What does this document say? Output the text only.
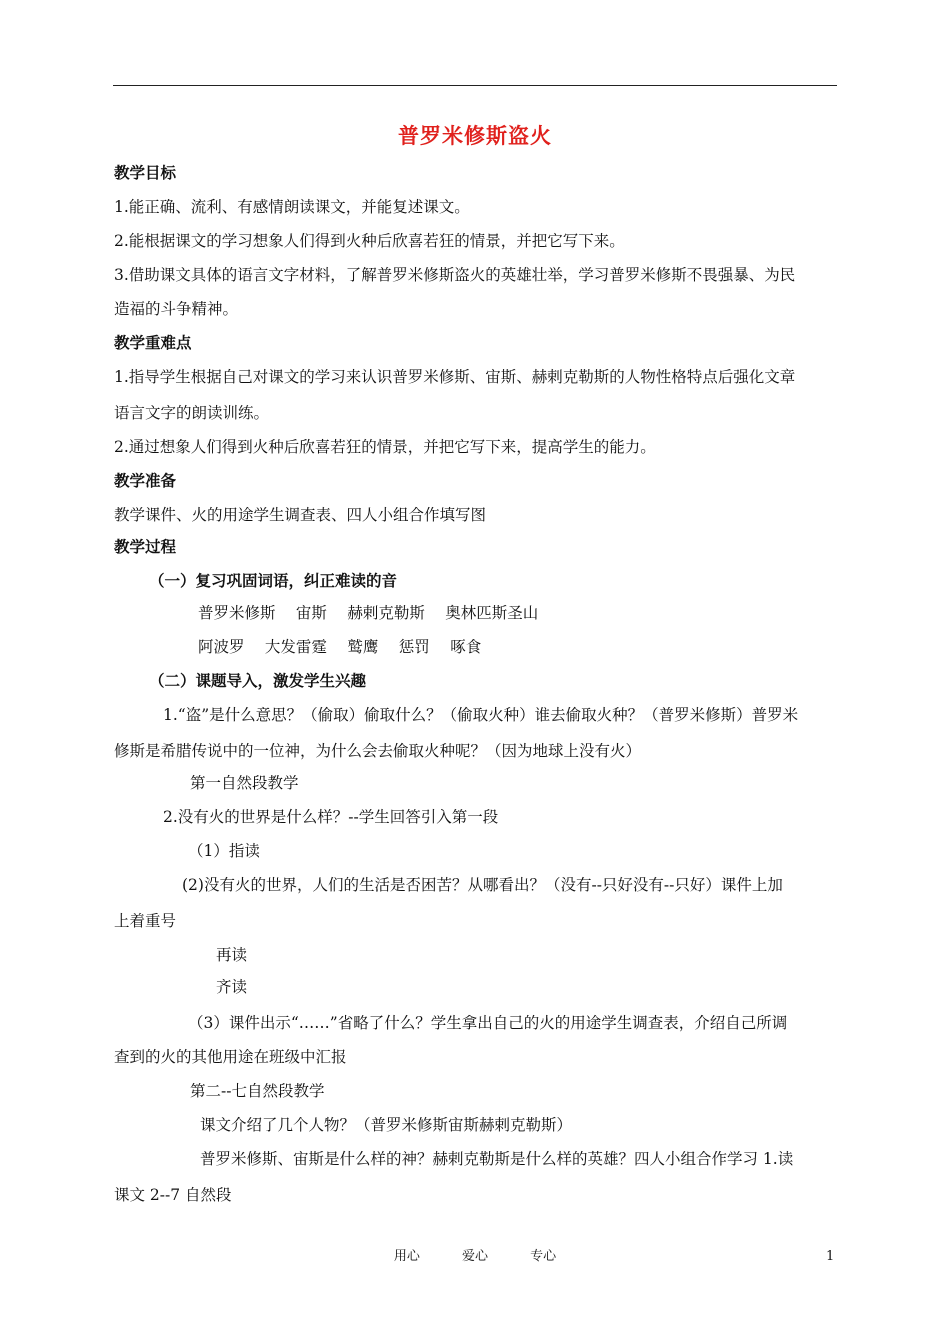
普罗米修斯盗火
教学目标
1.能正确、流利、有感情朗读课文，并能复述课文。
2.能根据课文的学习想象人们得到火种后欣喜若狂的情景，并把它写下来。
3.借助课文具体的语言文字材料，了解普罗米修斯盗火的英雄壮举，学习普罗米修斯不畏强暴、为民
造福的斗争精神。
教学重难点
1.指导学生根据自己对课文的学习来认识普罗米修斯、宙斯、赫剌克勒斯的人物性格特点后强化文章
语言文字的朗读训练。
2.通过想象人们得到火种后欣喜若狂的情景，并把它写下来，提高学生的能力。
教学准备
教学课件、火的用途学生调查表、四人小组合作填写图
教学过程
（一）复习巩固词语，纠正难读的音
普罗米修斯　 宙斯　 赫剌克勒斯　 奥林匹斯圣山
阿波罗　 大发雷霆　 鹫鹰　 惩罚　 啄食
（二）课题导入，激发学生兴趣
1.“盗”是什么意思？（偷取）偷取什么？（偷取火种）谁去偷取火种？（普罗米修斯）普罗米
修斯是希腊传说中的一位神，为什么会去偷取火种呢？（因为地球上没有火）
第一自然段教学
2.没有火的世界是什么样？--学生回答引入第一段
（1）指读
(2)没有火的世界，人们的生活是否困苦？从哪看出？（没有--只好没有--只好）课件上加
上着重号
再读
齐读
（3）课件出示“……”省略了什么？学生拿出自己的火的用途学生调查表，介绍自己所调
查到的火的其他用途在班级中汇报
第二--七自然段教学
课文介绍了几个人物？（普罗米修斯宙斯赫剌克勒斯）
普罗米修斯、宙斯是什么样的神？赫剌克勒斯是什么样的英雄？四人小组合作学习 1.读
课文 2--7 自然段
用心	爱心	专心	1
